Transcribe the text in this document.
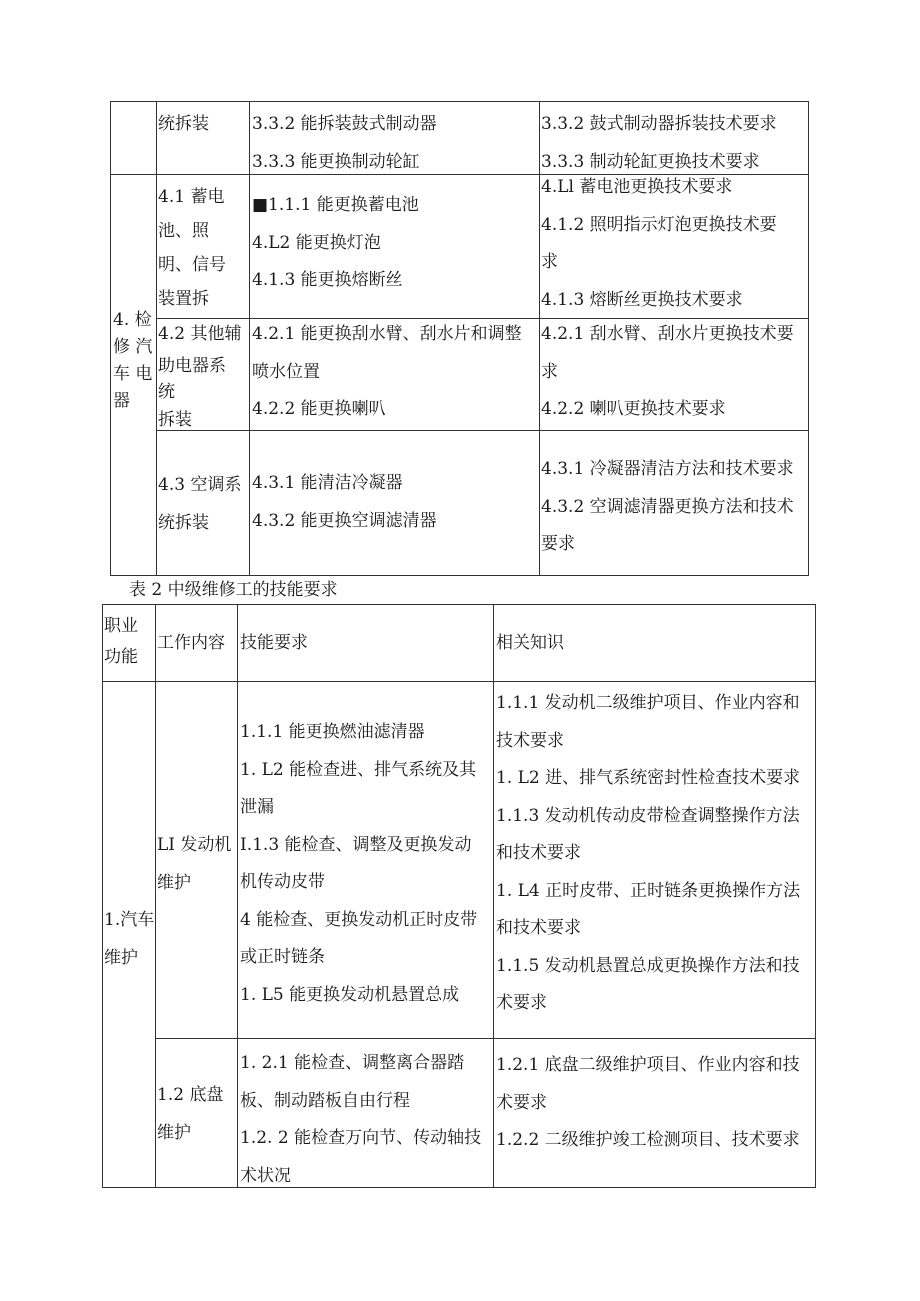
统拆装	3.3.2 能拆装鼓式制动器
3.3.3 能更换制动轮缸
3.3.2 鼓式制动器拆装技术要求
3.3.3 制动轮缸更换技术要求
4. 检
修 汽
车 电
器
4.1 蓄电
池、照
明、信号
装置拆
■1.1.1 能更换蓄电池
4.L2 能更换灯泡
4.1.3 能更换熔断丝
4.Ll 蓄电池更换技术要求
4.1.2 照明指示灯泡更换技术要
求
4.1.3 熔断丝更换技术要求
4.2 其他辅
助电器系
统
拆装
4.2.1 能更换刮水臂、刮水片和调整
喷水位置
4.2.2 能更换喇叭
4.2.1 刮水臂、刮水片更换技术要
求
4.2.2 喇叭更换技术要求
4.3 空调系
统拆装
4.3.1 能清洁冷凝器
4.3.2 能更换空调滤清器
4.3.1 冷凝器清洁方法和技术要求
4.3.2 空调滤清器更换方法和技术
要求
表 2 中级维修工的技能要求
职业
功能
工作内容 技能要求	相关知识
1.汽车
维护
LI 发动机
维护
1.1.1 能更换燃油滤清器
1. L2 能检查进、排气系统及其
泄漏
I.1.3 能检查、调整及更换发动
机传动皮带
4 能检查、更换发动机正时皮带
或正时链条
1. L5 能更换发动机悬置总成
1.1.1 发动机二级维护项目、作业内容和
技术要求
1. L2 进、排气系统密封性检查技术要求
1.1.3 发动机传动皮带检查调整操作方法
和技术要求
1. L4 正时皮带、正时链条更换操作方法
和技术要求
1.1.5 发动机悬置总成更换操作方法和技
术要求
1.2 底盘
维护
1. 2.1 能检查、调整离合器踏
板、制动踏板自由行程
1.2. 2 能检查万向节、传动轴技
术状况
1.2.1 底盘二级维护项目、作业内容和技
术要求
1.2.2 二级维护竣工检测项目、技术要求
